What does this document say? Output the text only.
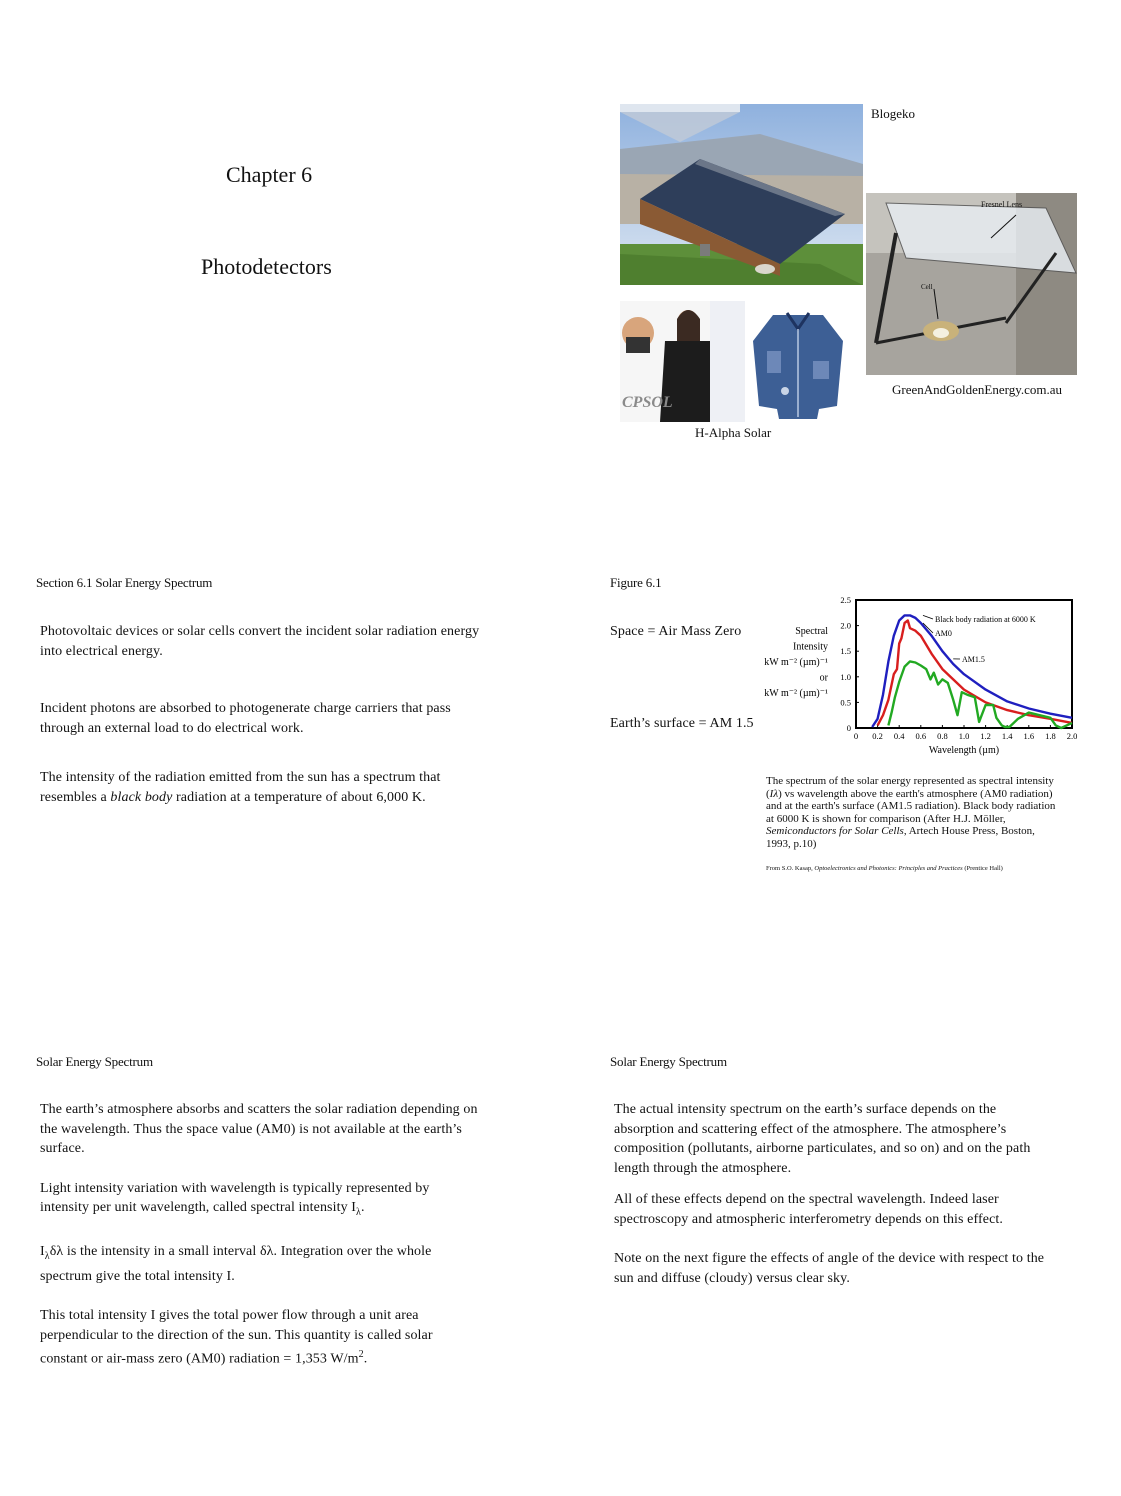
Chapter 6
Photodetectors
Blogeko
Fresnel Lens
Cell
GreenAndGoldenEnergy.com.au
CPSOL
H-Alpha Solar
Section 6.1 Solar Energy Spectrum

Photovoltaic devices or solar cells convert the incident solar radiation energy into electrical energy.

Incident photons are absorbed to photogenerate charge carriers that pass through an external load to do electrical work.

The intensity of the radiation emitted from the sun has a spectrum that resembles a black body radiation at a temperature of about 6,000 K.

Figure 6.1
Space = Air Mass Zero
Earth’s surface = AM 1.5
Spectral
Intensity
kW m⁻² (µm)⁻¹
or
kW m⁻² (µm)⁻¹
0 0.2 0.4 0.6 0.8 1.0 1.2 1.4 1.6 1.8 2.0
0
0.5
1.0
1.5
2.0
2.5
Black body radiation at 6000 K
AM0
AM1.5
Wavelength (µm)
The spectrum of the solar energy represented as spectral intensity (Iλ) vs wavelength above the earth's atmosphere (AM0 radiation) and at the earth's surface (AM1.5 radiation). Black body radiation at 6000 K is shown for comparison (After H.J. Möller, Semiconductors for Solar Cells, Artech House Press, Boston, 1993, p.10)
From S.O. Kasap, Optoelectronics and Photonics: Principles and Practices (Prentice Hall)
Solar Energy Spectrum

The earth’s atmosphere absorbs and scatters the solar radiation depending on the wavelength. Thus the space value (AM0) is not available at the earth’s surface.

Light intensity variation with wavelength is typically represented by intensity per unit wavelength, called spectral intensity $I_\lambda$.

$I_\lambda\delta\lambda$ is the intensity in a small interval δλ. Integration over the whole spectrum give the total intensity I.

This total intensity I gives the total power flow through a unit area perpendicular to the direction of the sun. This quantity is called solar constant or air-mass zero (AM0) radiation = 1,353 $W/m^2$.

Solar Energy Spectrum

The actual intensity spectrum on the earth’s surface depends on the absorption and scattering effect of the atmosphere. The atmosphere’s composition (pollutants, airborne particulates, and so on) and on the path length through the atmosphere.

All of these effects depend on the spectral wavelength. Indeed laser spectroscopy and atmospheric interferometry depends on this effect.

Note on the next figure the effects of angle of the device with respect to the sun and diffuse (cloudy) versus clear sky.
